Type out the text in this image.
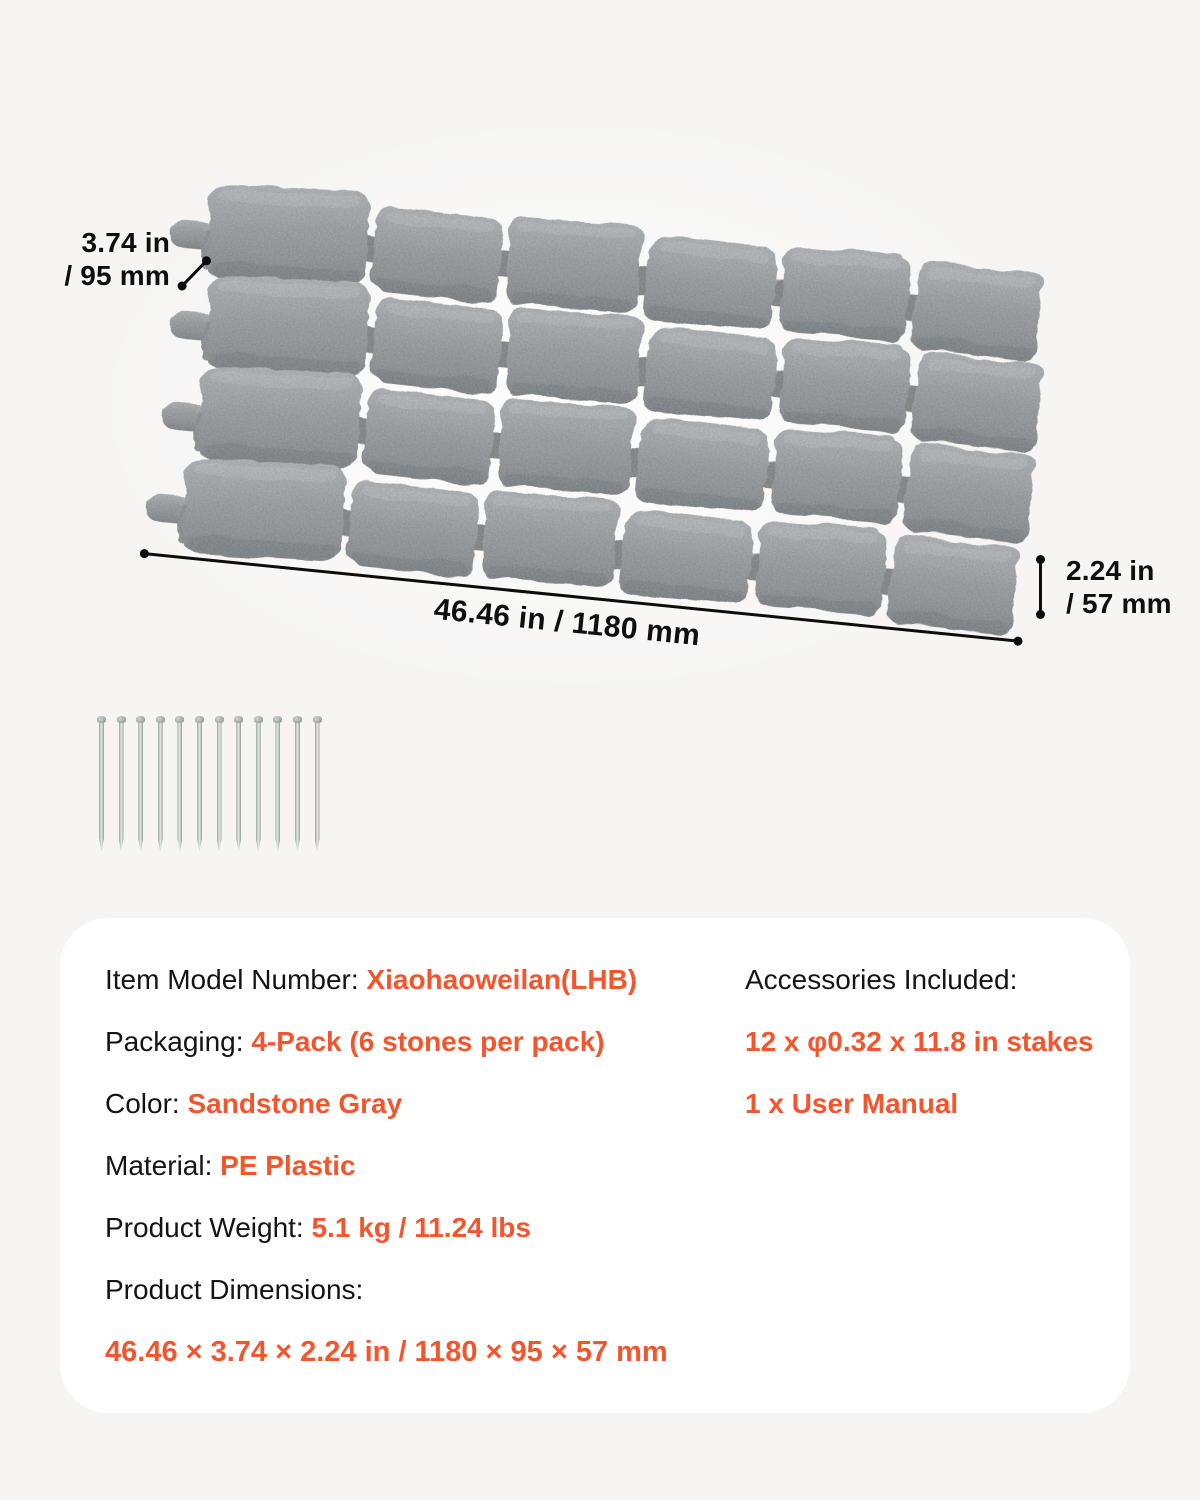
3.74 in
/ 95 mm
46.46 in / 1180 mm
2.24 in
/ 57 mm

Item Model Number: Xiaohaoweilan(LHB)

Packaging: 4-Pack (6 stones per pack)

Color: Sandstone Gray

Material: PE Plastic

Product Weight: 5.1 kg / 11.24 lbs

Product Dimensions:

46.46 × 3.74 × 2.24 in / 1180 × 95 × 57 mm

Accessories Included:

12 x φ0.32 x 11.8 in stakes

1 x User Manual
